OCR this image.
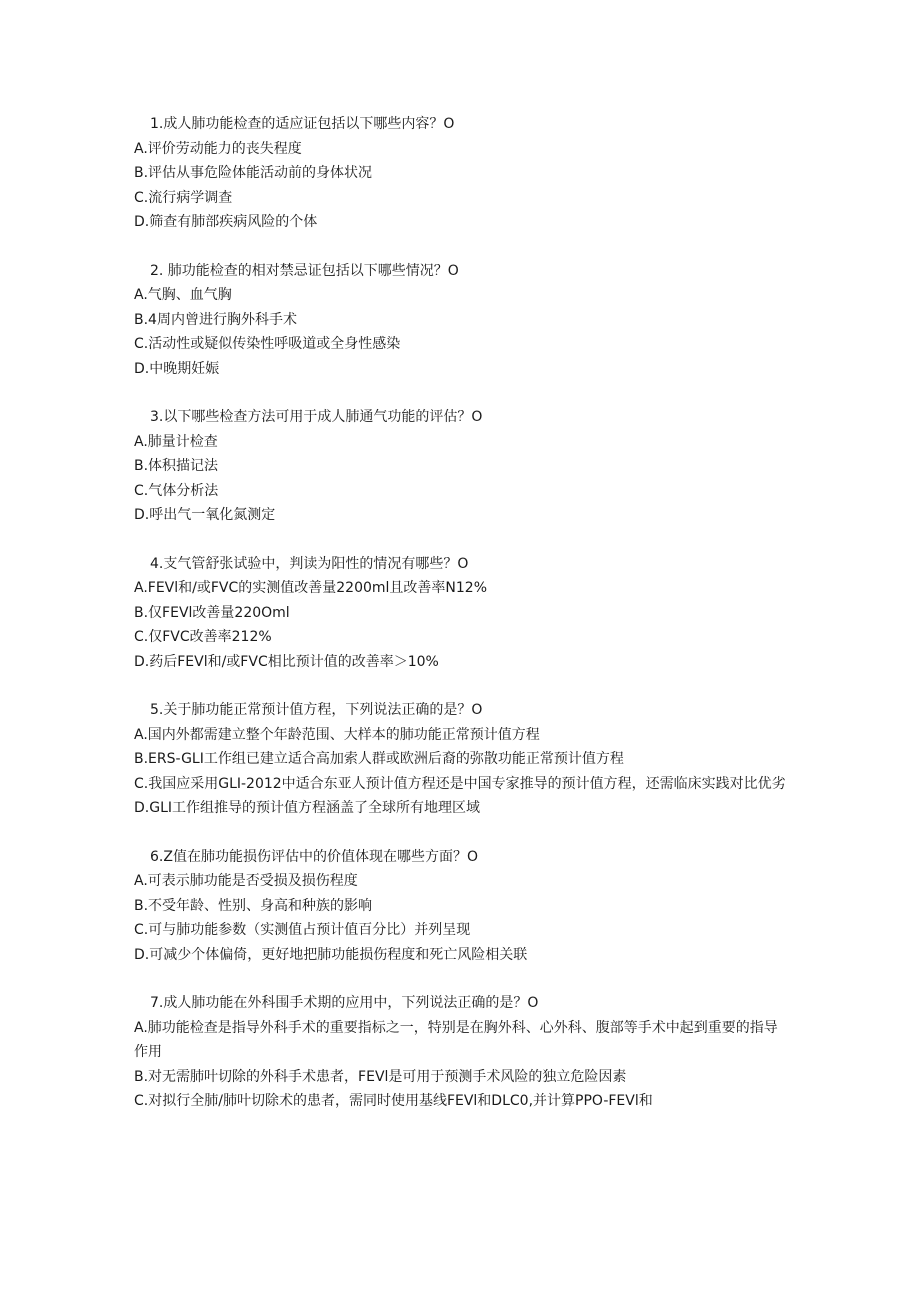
1.成人肺功能检查的适应证包括以下哪些内容？O
A.评价劳动能力的丧失程度
B.评估从事危险体能活动前的身体状况
C.流行病学调查
D.筛查有肺部疾病风险的个体
2. 肺功能检查的相对禁忌证包括以下哪些情况？O
A.气胸、血气胸
B.4周内曾进行胸外科手术
C.活动性或疑似传染性呼吸道或全身性感染
D.中晚期妊娠
3.以下哪些检查方法可用于成人肺通气功能的评估？O
A.肺量计检查
B.体积描记法
C.气体分析法
D.呼出气一氧化氮测定
4.支气管舒张试验中，判读为阳性的情况有哪些？O
A.FEVl和/或FVC的实测值改善量2200ml且改善率N12%
B.仅FEVl改善量220Oml
C.仅FVC改善率212%
D.药后FEVl和/或FVC相比预计值的改善率＞10%
5.关于肺功能正常预计值方程，下列说法正确的是？O
A.国内外都需建立整个年龄范围、大样本的肺功能正常预计值方程
B.ERS-GLI工作组已建立适合高加索人群或欧洲后裔的弥散功能正常预计值方程
C.我国应采用GLI-2012中适合东亚人预计值方程还是中国专家推导的预计值方程，还需临床实践对比优劣
D.GLI工作组推导的预计值方程涵盖了全球所有地理区域
6.Z值在肺功能损伤评估中的价值体现在哪些方面？O
A.可表示肺功能是否受损及损伤程度
B.不受年龄、性别、身高和种族的影响
C.可与肺功能参数（实测值占预计值百分比）并列呈现
D.可减少个体偏倚，更好地把肺功能损伤程度和死亡风险相关联
7.成人肺功能在外科围手术期的应用中，下列说法正确的是？O
A.肺功能检查是指导外科手术的重要指标之一，特别是在胸外科、心外科、腹部等手术中起到重要的指导作用
B.对无需肺叶切除的外科手术患者，FEVl是可用于预测手术风险的独立危险因素
C.对拟行全肺/肺叶切除术的患者，需同时使用基线FEVl和DLC0,并计算PPO-FEVl和
